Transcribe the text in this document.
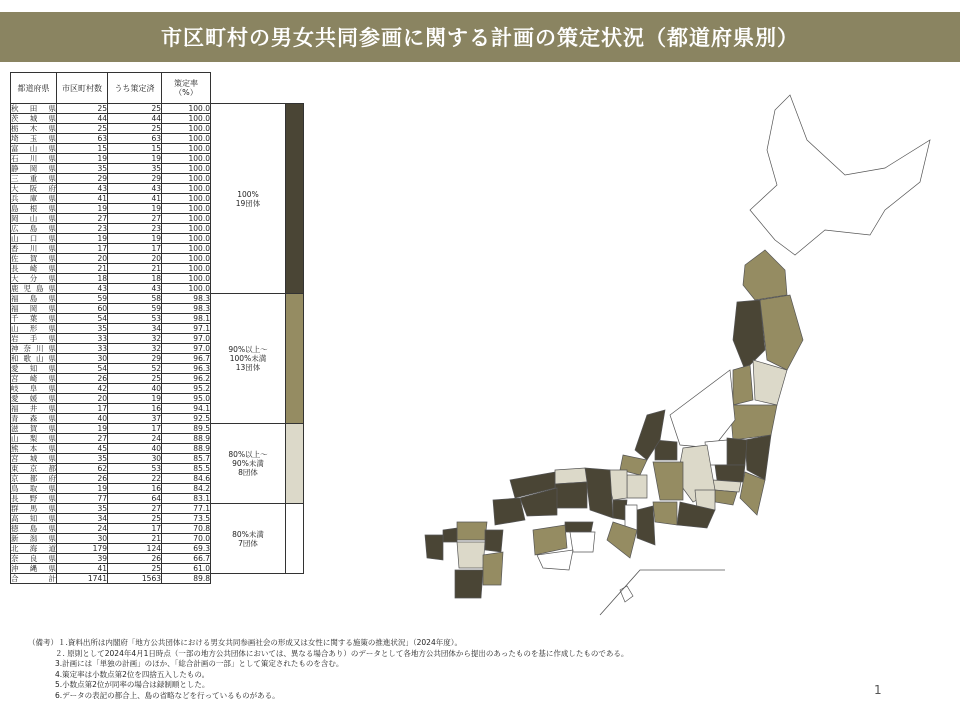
市区町村の男女共同参画に関する計画の策定状況（都道府県別）
都道府県	市区町村数	うち策定済	策定率
（%）		
秋田県	25	25	100.0	100%
19団体	

茨城県	44	44	100.0		
栃木県	25	25	100.0		
埼玉県	63	63	100.0		
富山県	15	15	100.0		
石川県	19	19	100.0		
静岡県	35	35	100.0		
三重県	29	29	100.0		
大阪府	43	43	100.0		
兵庫県	41	41	100.0		
島根県	19	19	100.0		
岡山県	27	27	100.0		
広島県	23	23	100.0		
山口県	19	19	100.0		
香川県	17	17	100.0		
佐賀県	20	20	100.0		
長崎県	21	21	100.0		
大分県	18	18	100.0		
鹿児島県	43	43	100.0		
福島県	59	58	98.3	90%以上～
100%未満
13団体	

福岡県	60	59	98.3		
千葉県	54	53	98.1		
山形県	35	34	97.1		
岩手県	33	32	97.0		
神奈川県	33	32	97.0		
和歌山県	30	29	96.7		
愛知県	54	52	96.3		
宮崎県	26	25	96.2		
岐阜県	42	40	95.2		
愛媛県	20	19	95.0		
福井県	17	16	94.1		
青森県	40	37	92.5		
滋賀県	19	17	89.5	80%以上～
90%未満
8団体	

山梨県	27	24	88.9		
熊本県	45	40	88.9		
宮城県	35	30	85.7		
東京都	62	53	85.5		
京都府	26	22	84.6		
鳥取県	19	16	84.2		
長野県	77	64	83.1		
群馬県	35	27	77.1	80%未満
7団体	

高知県	34	25	73.5		
徳島県	24	17	70.8		
新潟県	30	21	70.0		
北海道	179	124	69.3		
奈良県	39	26	66.7		
沖縄県	41	25	61.0		
合　　計	1741	1563	89.8		
（備考）１.資料出所は内閣府「地方公共団体における男女共同参画社会の形成又は女性に関する施策の推進状況」（2024年度）。
２. 原則として2024年4月1日時点（一部の地方公共団体においては、異なる場合あり）のデータとして各地方公共団体から提出のあったものを基に作成したものである。
3.計画には「単独の計画」のほか、「総合計画の一部」として策定されたものを含む。
4.策定率は小数点第2位を四捨五入したもの。
5.小数点第2位が同率の場合は録制順とした。
6.データの表記の都合上、島の省略などを行っているものがある。	1
